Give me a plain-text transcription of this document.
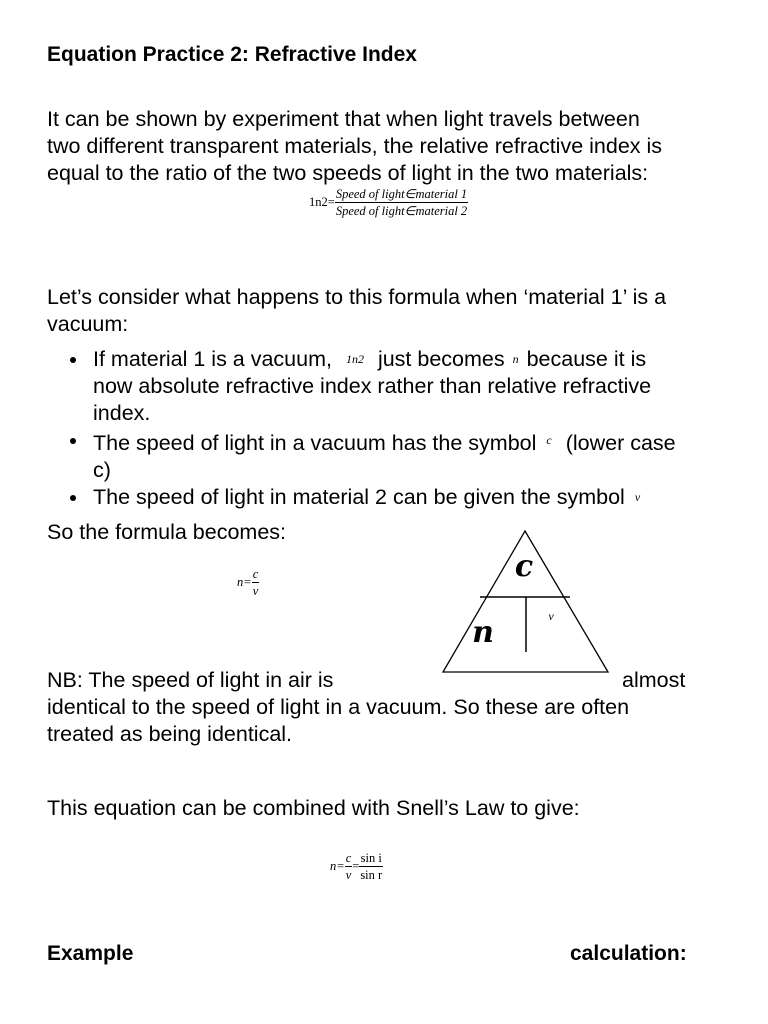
Equation Practice 2: Refractive Index
It can be shown by experiment that when light travels between
two different transparent materials, the relative refractive index is
equal to the ratio of the two speeds of light in the two materials:
$1n2= \frac{\text{Speed of light∈material 1}}{\text{Speed of light∈material 2}}$
Let’s consider what happens to this formula when ‘material 1’ is a
vacuum:
If material 1 is a vacuum, 1n2 just becomes n because it is
now absolute refractive index rather than relative refractive
index.
The speed of light in a vacuum has the symbol $^c$ (lower case
c)
The speed of light in material 2 can be given the symbol v
So the formula becomes:
$n= \frac{c}{v}$	c
n	v
NB: The speed of light in air is	almost
identical to the speed of light in a vacuum. So these are often
treated as being identical.
This equation can be combined with Snell’s Law to give:
$n= \frac{c}{v} = \frac{\text{sin i}}{\text{sin r}}$
Example	calculation:
